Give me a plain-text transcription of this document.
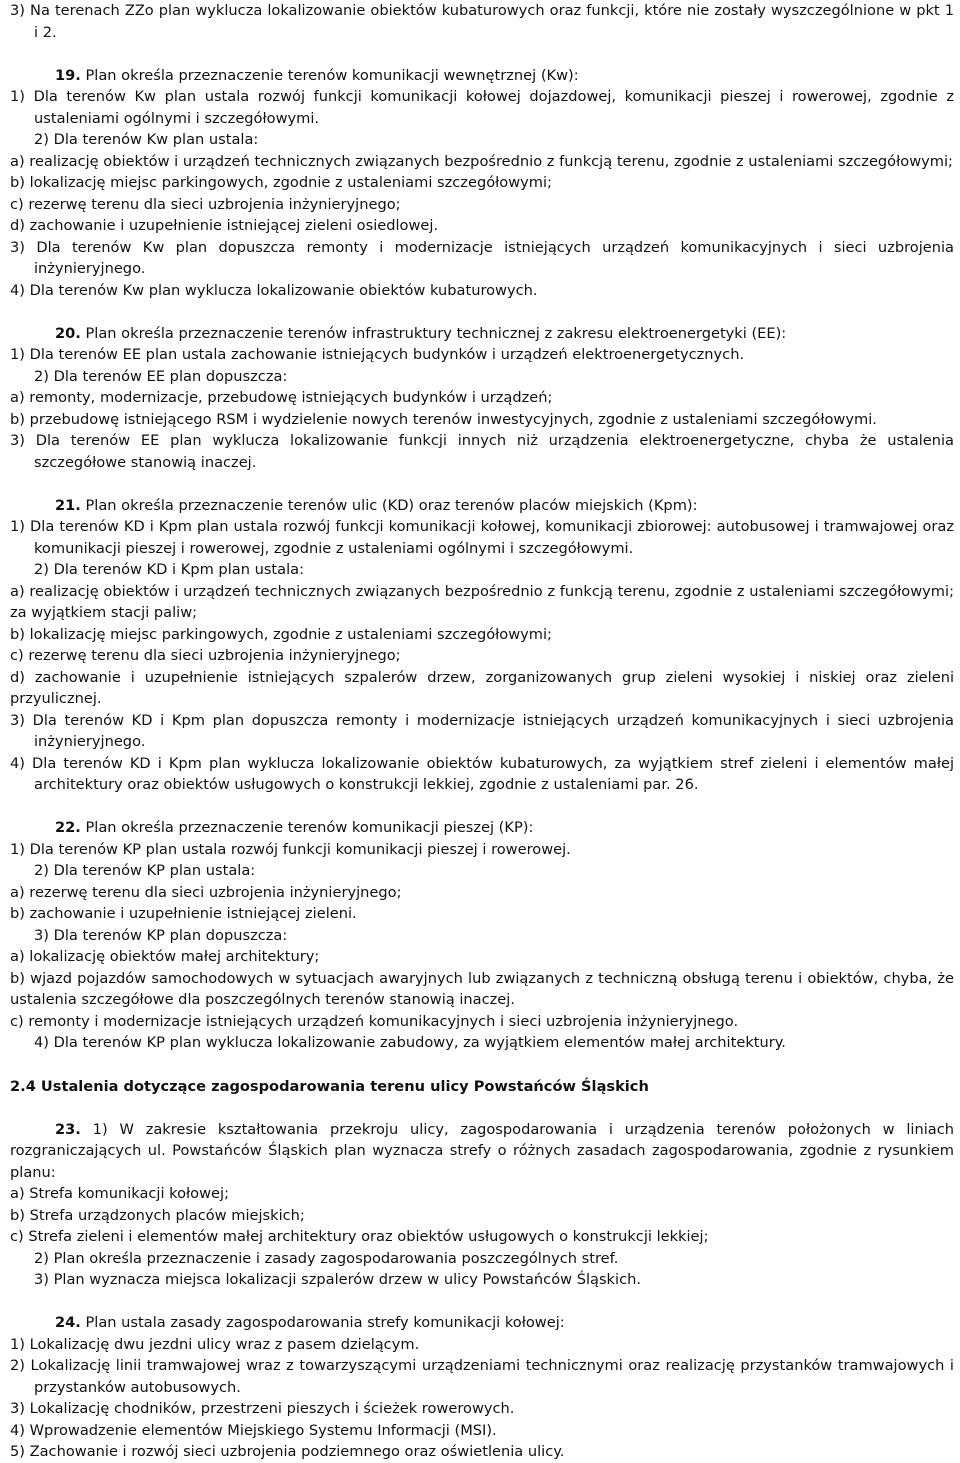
3) Na terenach ZZo plan wyklucza lokalizowanie obiektów kubaturowych oraz funkcji, które nie zostały wyszczególnione w pkt 1 i 2.

19. Plan określa przeznaczenie terenów komunikacji wewnętrznej (Kw):

1) Dla terenów Kw plan ustala rozwój funkcji komunikacji kołowej dojazdowej, komunikacji pieszej i rowerowej, zgodnie z ustaleniami ogólnymi i szczegółowymi.

2) Dla terenów Kw plan ustala:

a) realizację obiektów i urządzeń technicznych związanych bezpośrednio z funkcją terenu, zgodnie z ustaleniami szczegółowymi;

b) lokalizację miejsc parkingowych, zgodnie z ustaleniami szczegółowymi;

c) rezerwę terenu dla sieci uzbrojenia inżynieryjnego;

d) zachowanie i uzupełnienie istniejącej zieleni osiedlowej.

3) Dla terenów Kw plan dopuszcza remonty i modernizacje istniejących urządzeń komunikacyjnych i sieci uzbrojenia inżynieryjnego.

4) Dla terenów Kw plan wyklucza lokalizowanie obiektów kubaturowych.

20. Plan określa przeznaczenie terenów infrastruktury technicznej z zakresu elektroenergetyki (EE):

1) Dla terenów EE plan ustala zachowanie istniejących budynków i urządzeń elektroenergetycznych.

2) Dla terenów EE plan dopuszcza:

a) remonty, modernizacje, przebudowę istniejących budynków i urządzeń;

b) przebudowę istniejącego RSM i wydzielenie nowych terenów inwestycyjnych, zgodnie z ustaleniami szczegółowymi.

3) Dla terenów EE plan wyklucza lokalizowanie funkcji innych niż urządzenia elektroenergetyczne, chyba że ustalenia szczegółowe stanowią inaczej.

21. Plan określa przeznaczenie terenów ulic (KD) oraz terenów placów miejskich (Kpm):

1) Dla terenów KD i Kpm plan ustala rozwój funkcji komunikacji kołowej, komunikacji zbiorowej: autobusowej i tramwajowej oraz komunikacji pieszej i rowerowej, zgodnie z ustaleniami ogólnymi i szczegółowymi.

2) Dla terenów KD i Kpm plan ustala:

a) realizację obiektów i urządzeń technicznych związanych bezpośrednio z funkcją terenu, zgodnie z ustaleniami szczegółowymi; za wyjątkiem stacji paliw;

b) lokalizację miejsc parkingowych, zgodnie z ustaleniami szczegółowymi;

c) rezerwę terenu dla sieci uzbrojenia inżynieryjnego;

d) zachowanie i uzupełnienie istniejących szpalerów drzew, zorganizowanych grup zieleni wysokiej i niskiej oraz zieleni przyulicznej.

3) Dla terenów KD i Kpm plan dopuszcza remonty i modernizacje istniejących urządzeń komunikacyjnych i sieci uzbrojenia inżynieryjnego.

4) Dla terenów KD i Kpm plan wyklucza lokalizowanie obiektów kubaturowych, za wyjątkiem stref zieleni i elementów małej architektury oraz obiektów usługowych o konstrukcji lekkiej, zgodnie z ustaleniami par. 26.

22. Plan określa przeznaczenie terenów komunikacji pieszej (KP):

1) Dla terenów KP plan ustala rozwój funkcji komunikacji pieszej i rowerowej.

2) Dla terenów KP plan ustala:

a) rezerwę terenu dla sieci uzbrojenia inżynieryjnego;

b) zachowanie i uzupełnienie istniejącej zieleni.

3) Dla terenów KP plan dopuszcza:

a) lokalizację obiektów małej architektury;

b) wjazd pojazdów samochodowych w sytuacjach awaryjnych lub związanych z techniczną obsługą terenu i obiektów, chyba, że ustalenia szczegółowe dla poszczególnych terenów stanowią inaczej.

c) remonty i modernizacje istniejących urządzeń komunikacyjnych i sieci uzbrojenia inżynieryjnego.

4) Dla terenów KP plan wyklucza lokalizowanie zabudowy, za wyjątkiem elementów małej architektury.

2.4 Ustalenia dotyczące zagospodarowania terenu ulicy Powstańców Śląskich

23. 1) W zakresie kształtowania przekroju ulicy, zagospodarowania i urządzenia terenów położonych w liniach rozgraniczających ul. Powstańców Śląskich plan wyznacza strefy o różnych zasadach zagospodarowania, zgodnie z rysunkiem planu:

a) Strefa komunikacji kołowej;

b) Strefa urządzonych placów miejskich;

c) Strefa zieleni i elementów małej architektury oraz obiektów usługowych o konstrukcji lekkiej;

2) Plan określa przeznaczenie i zasady zagospodarowania poszczególnych stref.

3) Plan wyznacza miejsca lokalizacji szpalerów drzew w ulicy Powstańców Śląskich.

24. Plan ustala zasady zagospodarowania strefy komunikacji kołowej:

1) Lokalizację dwu jezdni ulicy wraz z pasem dzielącym.

2) Lokalizację linii tramwajowej wraz z towarzyszącymi urządzeniami technicznymi oraz realizację przystanków tramwajowych i przystanków autobusowych.

3) Lokalizację chodników, przestrzeni pieszych i ścieżek rowerowych.

4) Wprowadzenie elementów Miejskiego Systemu Informacji (MSI).

5) Zachowanie i rozwój sieci uzbrojenia podziemnego oraz oświetlenia ulicy.
